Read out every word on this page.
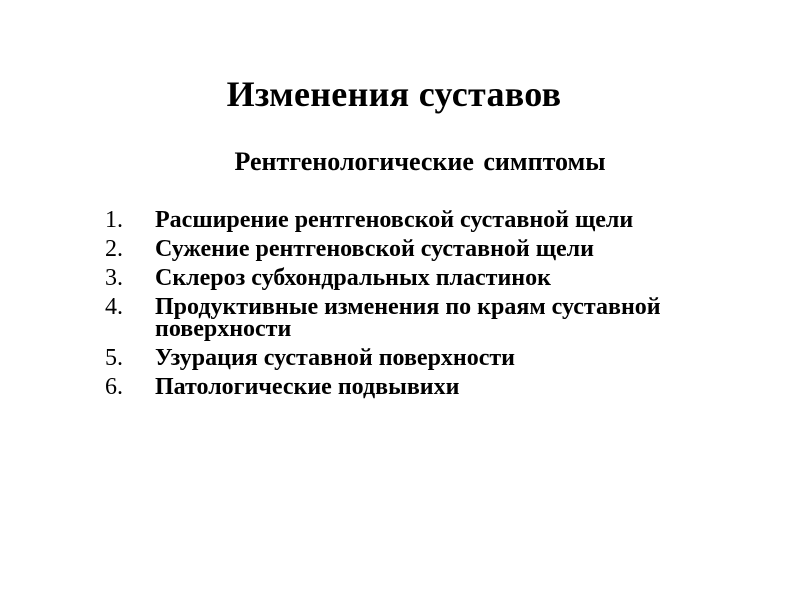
Изменения суставов
Рентгенологические симптомы
1.	Расширение рентгеновской суставной щели
2.	Сужение рентгеновской суставной щели
3.	Склероз субхондральных пластинок
4.	Продуктивные изменения по краям суставной поверхности
5.	Узурация суставной поверхности
6.	Патологические подвывихи
